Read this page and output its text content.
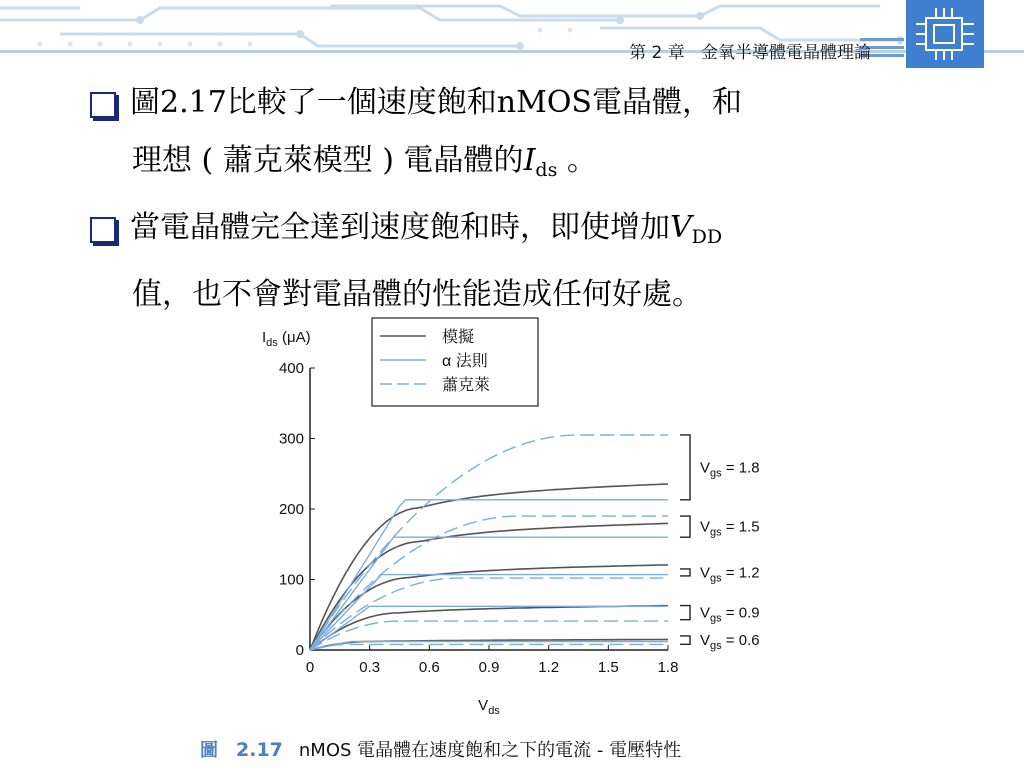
第 2 章 金氧半導體電晶體理論
圖2.17比較了一個速度飽和nMOS電晶體，和
理想 ( 蕭克萊模型 ) 電晶體的$I_{ds}$ 。
當電晶體完全達到速度飽和時，即使增加$V_{DD}$
值，也不會對電晶體的性能造成任何好處。
0	0.3	0.6	0.9	1.2	1.5	1.8
0
100
200
300
400
$I_{ds}$ (μA)
$V_{ds}$
$V_{gs} = 1.8$
$V_{gs} = 1.5$
$V_{gs} = 1.2$
$V_{gs} = 0.9$
$V_{gs} = 0.6$
模擬
α 法則
蕭克萊
圖 2.17 nMOS 電晶體在速度飽和之下的電流 - 電壓特性
